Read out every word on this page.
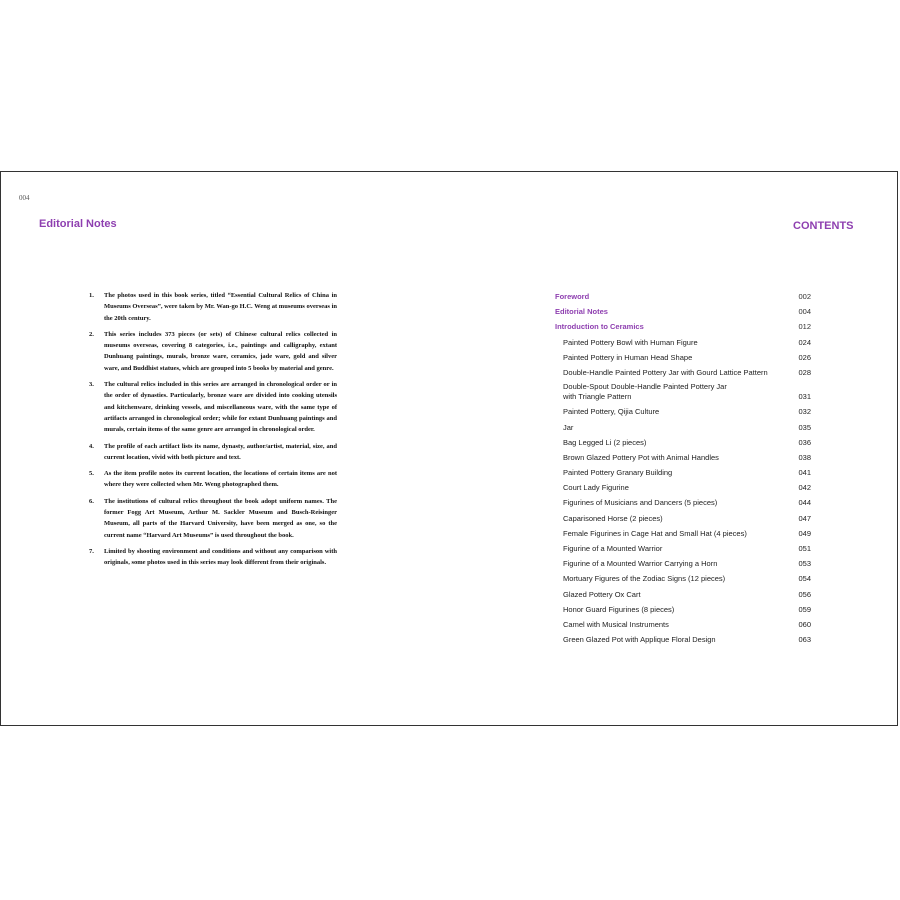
004
Editorial Notes	CONTENTS
1. The photos used in this book series, titled “Essential Cultural Relics of China in Museums Overseas”, were taken by Mr. Wan-go H.C. Weng at museums overseas in the 20th century.
2. This series includes 373 pieces (or sets) of Chinese cultural relics collected in museums overseas, covering 8 categories, i.e., paintings and calligraphy, extant Dunhuang paintings, murals, bronze ware, ceramics, jade ware, gold and silver ware, and Buddhist statues, which are grouped into 5 books by material and genre.
3. The cultural relics included in this series are arranged in chronological order or in the order of dynasties. Particularly, bronze ware are divided into cooking utensils and kitchenware, drinking vessels, and miscellaneous ware, with the same type of artifacts arranged in chronological order; while for extant Dunhuang paintings and murals, certain items of the same genre are arranged in chronological order.
4. The profile of each artifact lists its name, dynasty, author/artist, material, size, and current location, vivid with both picture and text.
5. As the item profile notes its current location, the locations of certain items are not where they were collected when Mr. Weng photographed them.
6. The institutions of cultural relics throughout the book adopt uniform names. The former Fogg Art Museum, Arthur M. Sackler Museum and Busch-Reisinger Museum, all parts of the Harvard University, have been merged as one, so the current name “Harvard Art Museums” is used throughout the book.
7. Limited by shooting environment and conditions and without any comparison with originals, some photos used in this series may look different from their originals.
Foreword	002
Editorial Notes	004
Introduction to Ceramics	012
Painted Pottery Bowl with Human Figure	024
Painted Pottery in Human Head Shape	026
Double-Handle Painted Pottery Jar with Gourd Lattice Pattern	028
Double-Spout Double-Handle Painted Pottery Jar
with Triangle Pattern	031
Painted Pottery, Qijia Culture	032
Jar	035
Bag Legged Li (2 pieces)	036
Brown Glazed Pottery Pot with Animal Handles	038
Painted Pottery Granary Building	041
Court Lady Figurine	042
Figurines of Musicians and Dancers (5 pieces)	044
Caparisoned Horse (2 pieces)	047
Female Figurines in Cage Hat and Small Hat (4 pieces)	049
Figurine of a Mounted Warrior	051
Figurine of a Mounted Warrior Carrying a Horn	053
Mortuary Figures of the Zodiac Signs (12 pieces)	054
Glazed Pottery Ox Cart	056
Honor Guard Figurines (8 pieces)	059
Camel with Musical Instruments	060
Green Glazed Pot with Applique Floral Design	063
